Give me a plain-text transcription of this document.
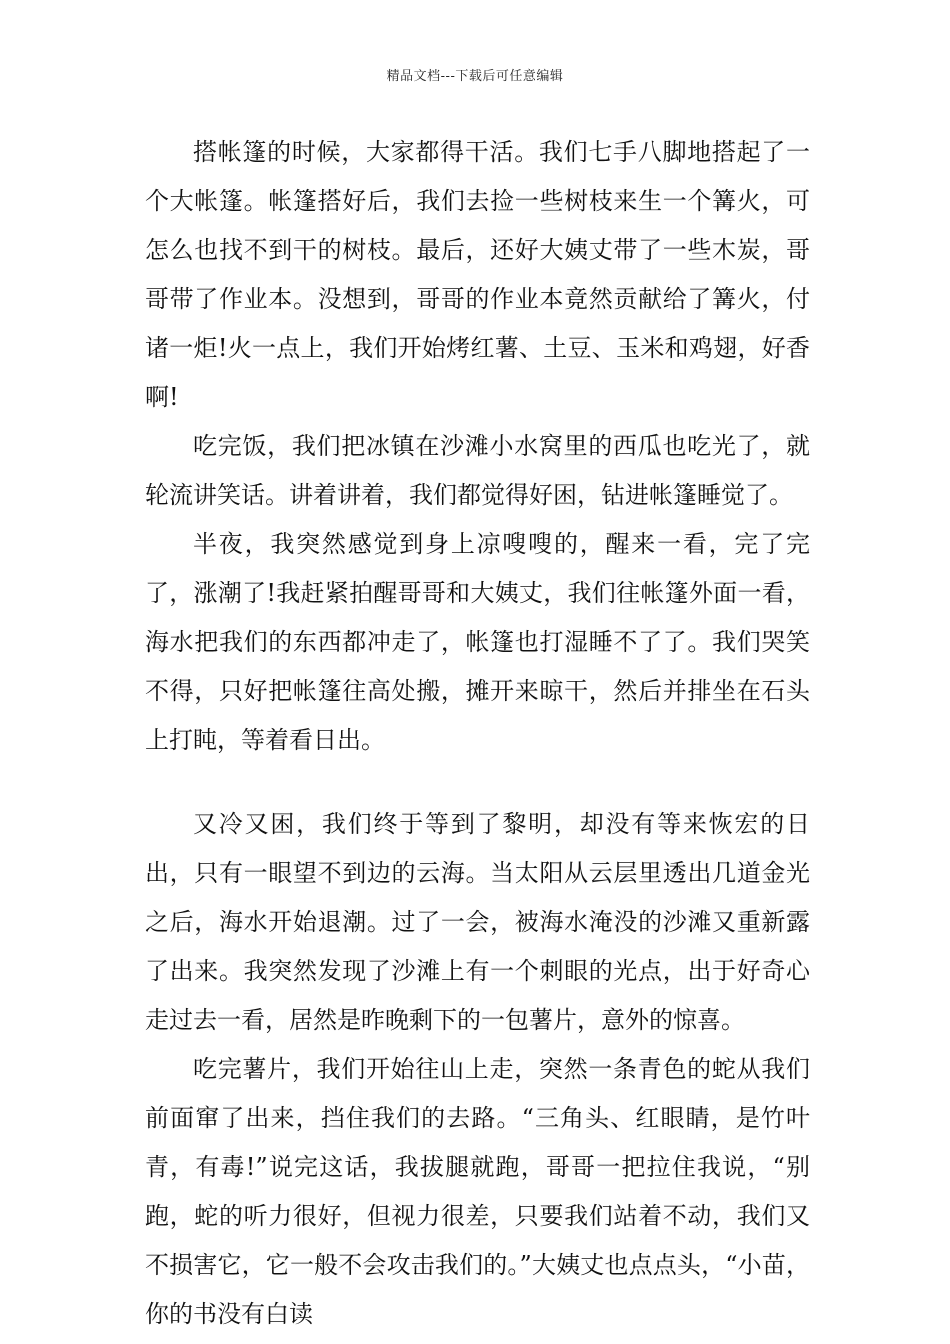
精品文档---下载后可任意编辑

搭帐篷的时候，大家都得干活。我们七手八脚地搭起了一个大帐篷。帐篷搭好后，我们去捡一些树枝来生一个篝火，可怎么也找不到干的树枝。最后，还好大姨丈带了一些木炭，哥哥带了作业本。没想到，哥哥的作业本竟然贡献给了篝火，付诸一炬!火一点上，我们开始烤红薯、土豆、玉米和鸡翅，好香啊!

吃完饭，我们把冰镇在沙滩小水窝里的西瓜也吃光了，就轮流讲笑话。讲着讲着，我们都觉得好困，钻进帐篷睡觉了。

半夜，我突然感觉到身上凉嗖嗖的，醒来一看，完了完了，涨潮了!我赶紧拍醒哥哥和大姨丈，我们往帐篷外面一看，海水把我们的东西都冲走了，帐篷也打湿睡不了了。我们哭笑不得，只好把帐篷往高处搬，摊开来晾干，然后并排坐在石头上打盹，等着看日出。

又冷又困，我们终于等到了黎明，却没有等来恢宏的日出，只有一眼望不到边的云海。当太阳从云层里透出几道金光之后，海水开始退潮。过了一会，被海水淹没的沙滩又重新露了出来。我突然发现了沙滩上有一个刺眼的光点，出于好奇心走过去一看，居然是昨晚剩下的一包薯片，意外的惊喜。

吃完薯片，我们开始往山上走，突然一条青色的蛇从我们前面窜了出来，挡住我们的去路。“三角头、红眼睛，是竹叶青，有毒!”说完这话，我拔腿就跑，哥哥一把拉住我说，“别跑，蛇的听力很好，但视力很差，只要我们站着不动，我们又不损害它，它一般不会攻击我们的。”大姨丈也点点头，“小苗，你的书没有白读
